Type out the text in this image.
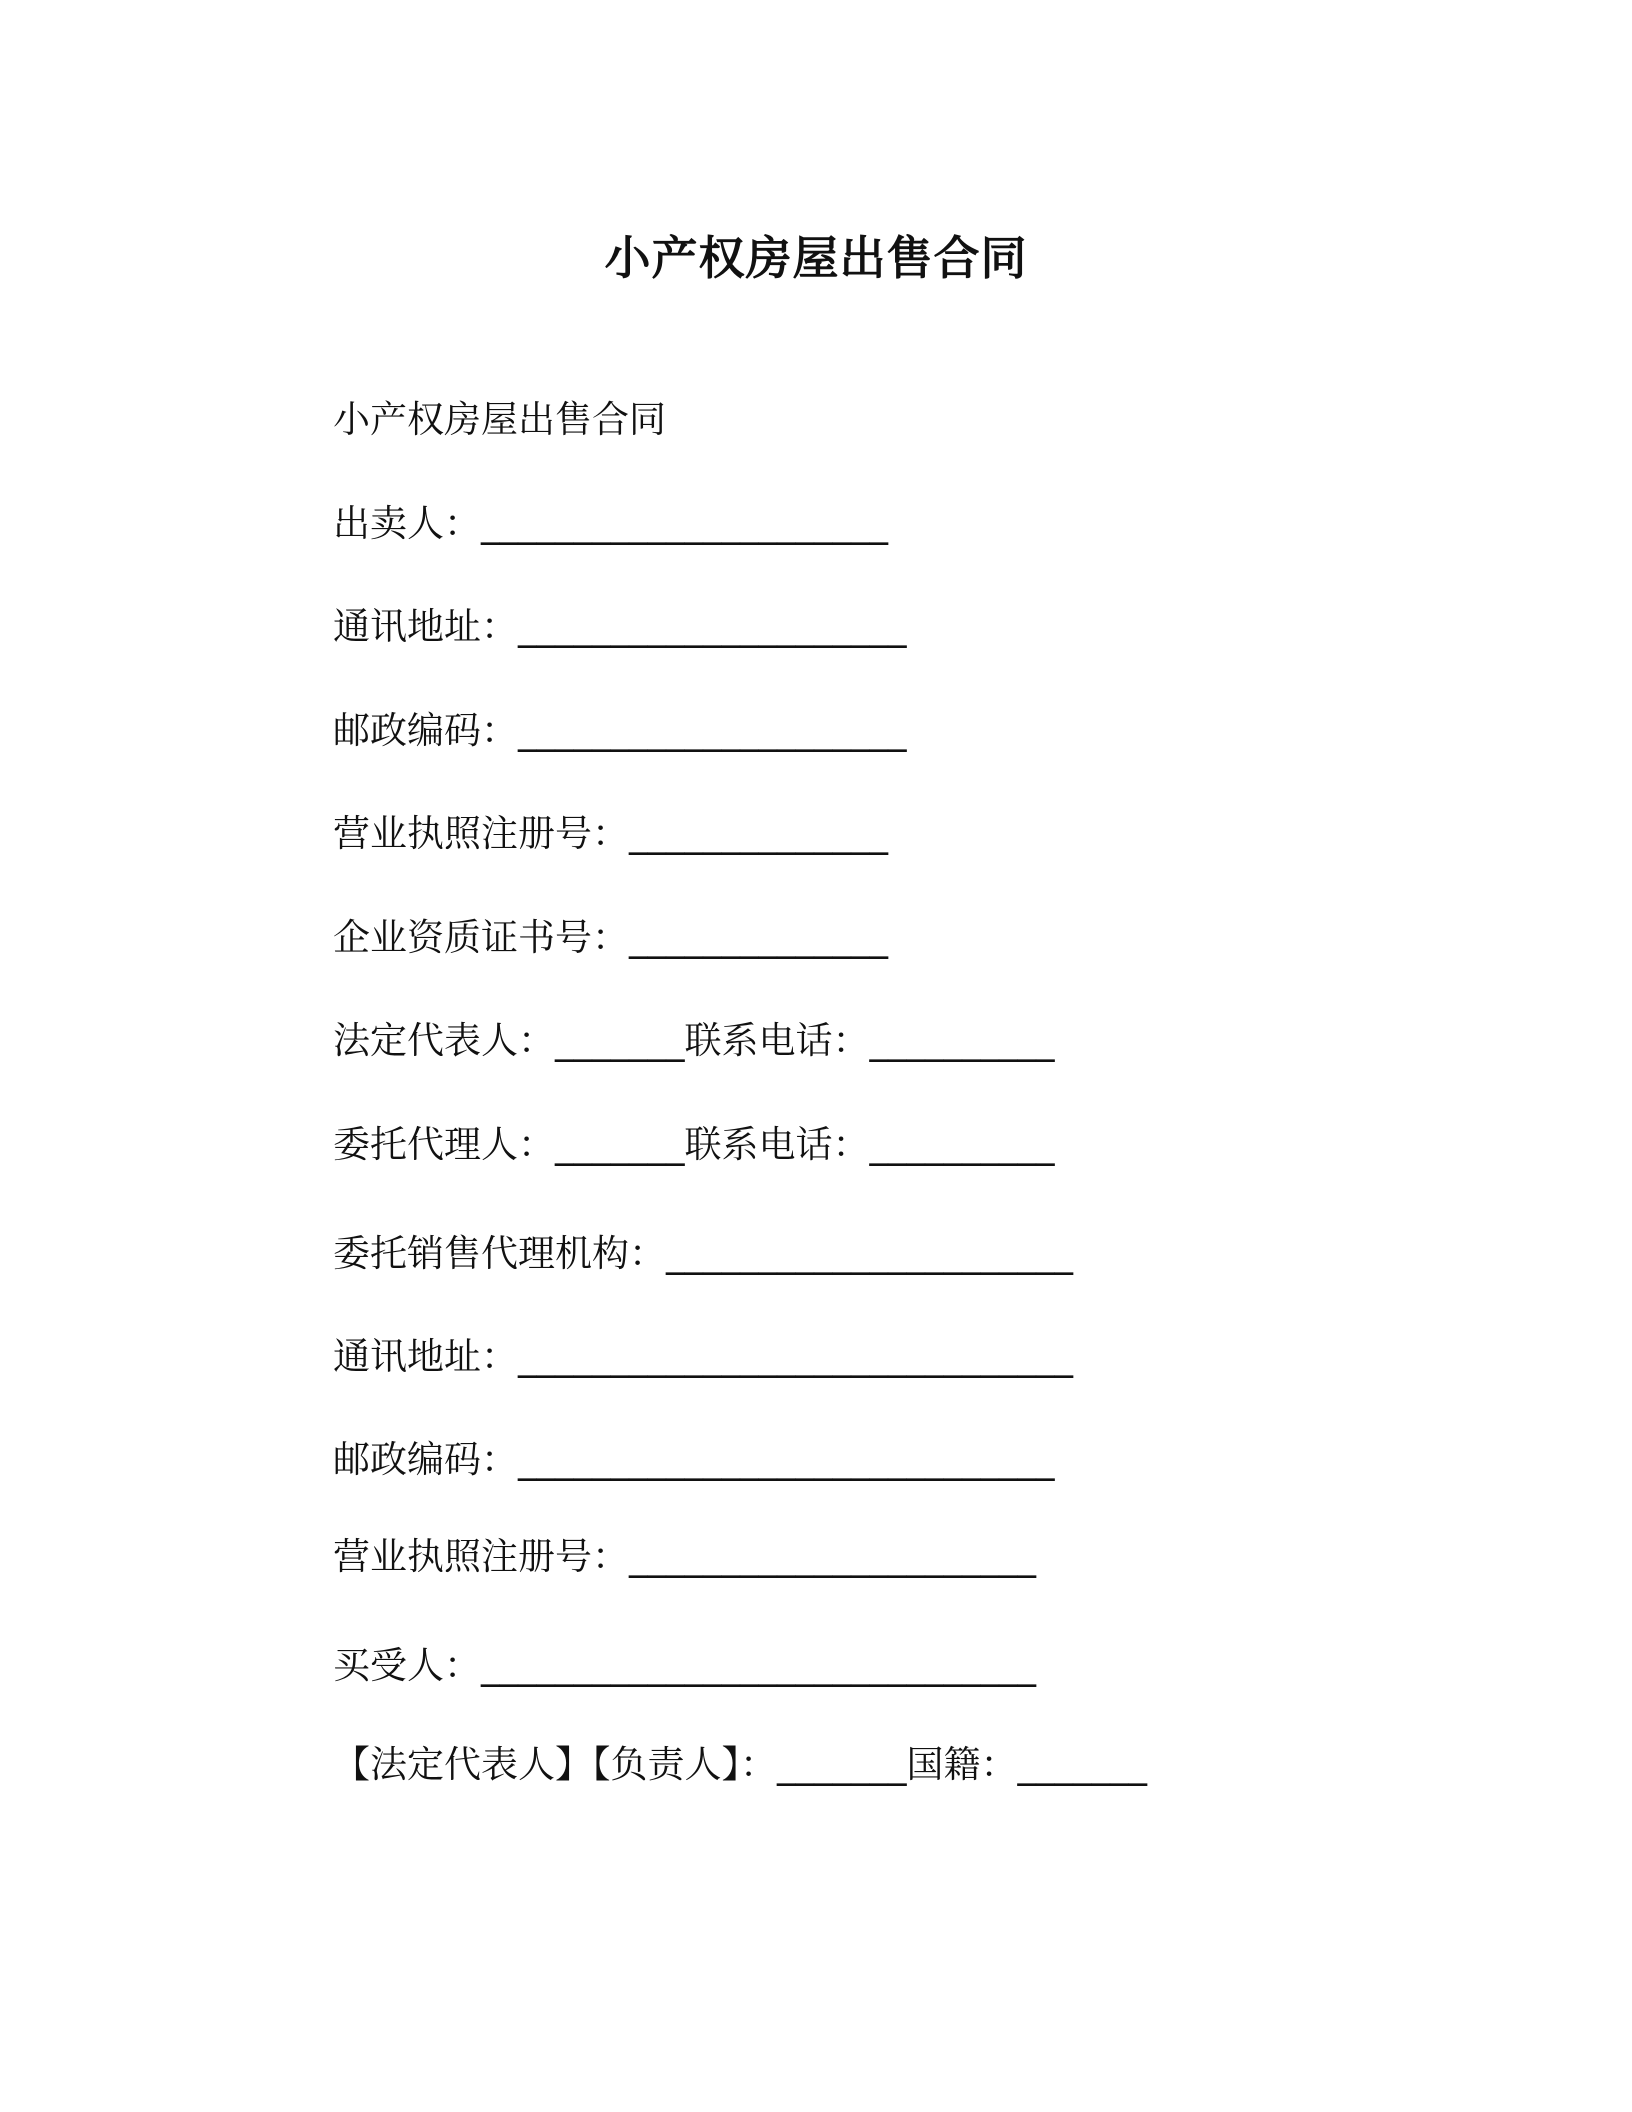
小产权房屋出售合同

小产权房屋出售合同

出卖人：______________________

通讯地址：_____________________

邮政编码：_____________________

营业执照注册号：______________

企业资质证书号：______________

法定代表人：_______联系电话：__________

委托代理人：_______联系电话：__________

委托销售代理机构：______________________

通讯地址：______________________________

邮政编码：_____________________________

营业执照注册号：______________________

买受人：______________________________

【法定代表人】【负责人】：_______国籍：_______
